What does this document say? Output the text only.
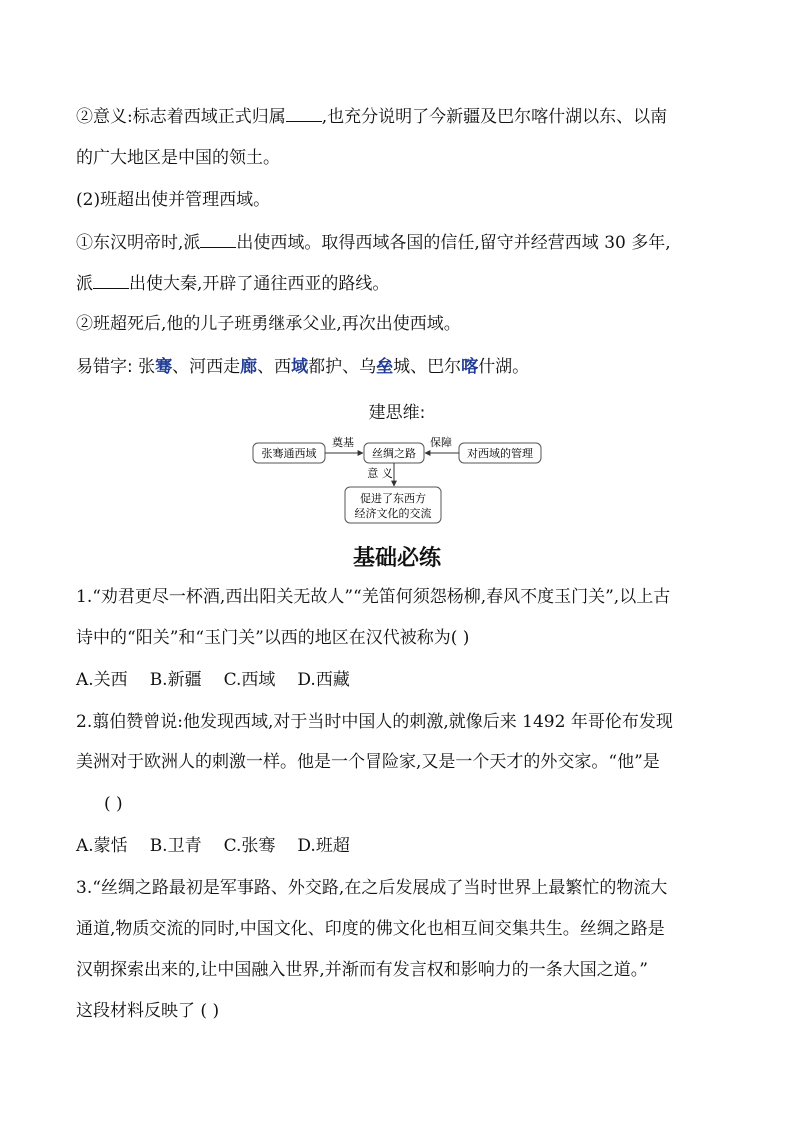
②意义:标志着西域正式归属 ,也充分说明了今新疆及巴尔喀什湖以东、以南
的广大地区是中国的领土。
(2)班超出使并管理西域。
①东汉明帝时,派 出使西域。取得西域各国的信任,留守并经营西域 30 多年,
派 出使大秦,开辟了通往西亚的路线。
②班超死后,他的儿子班勇继承父业,再次出使西域。
易错字: 张骞、河西走廊、西域都护、乌垒城、巴尔喀什湖。
建思维:
张骞通西域	丝绸之路	对西域的管理
促进了东西方
经济文化的交流
奠基	保障
意 义
基础必练
1.“劝君更尽一杯酒,西出阳关无故人”“羌笛何须怨杨柳,春风不度玉门关”,以上古
诗中的“阳关”和“玉门关”以西的地区在汉代被称为( )
A.关西 B.新疆 C.西域 D.西藏
2.翦伯赞曾说:他发现西域,对于当时中国人的刺激,就像后来 1492 年哥伦布发现
美洲对于欧洲人的刺激一样。他是一个冒险家,又是一个天才的外交家。“他”是
( )
A.蒙恬 B.卫青 C.张骞 D.班超
3.“丝绸之路最初是军事路、外交路,在之后发展成了当时世界上最繁忙的物流大
通道,物质交流的同时,中国文化、印度的佛文化也相互间交集共生。丝绸之路是
汉朝探索出来的,让中国融入世界,并渐而有发言权和影响力的一条大国之道。”
这段材料反映了 ( )
